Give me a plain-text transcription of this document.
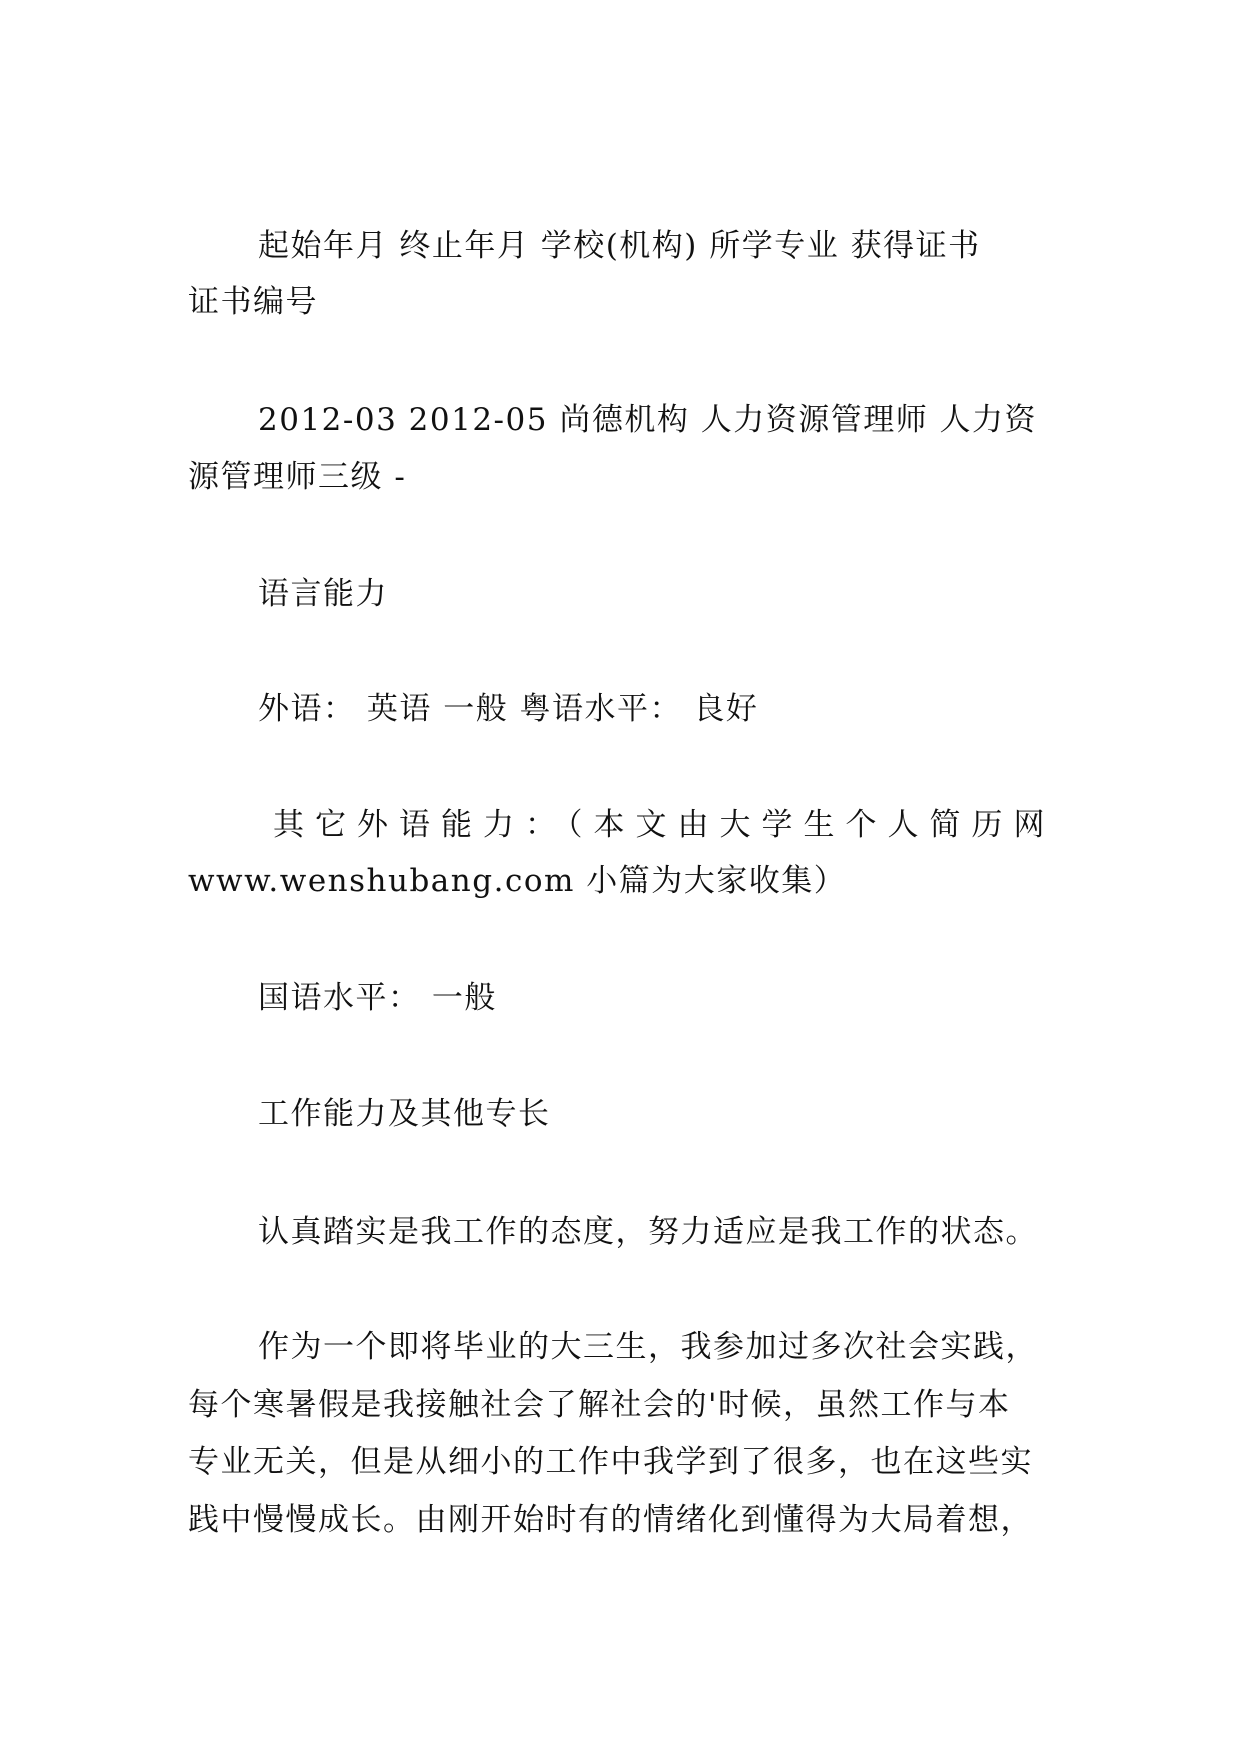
起始年月 终止年月 学校(机构) 所学专业 获得证书
证书编号
2012-03 2012-05 尚德机构 人力资源管理师 人力资
源管理师三级 -
语言能力
外语： 英语 一般 粤语水平： 良好
其它外语能力：（本文由大学生个人简历网
www.wenshubang.com 小篇为大家收集）
国语水平： 一般
工作能力及其他专长
认真踏实是我工作的态度，努力适应是我工作的状态。
作为一个即将毕业的大三生，我参加过多次社会实践，
每个寒暑假是我接触社会了解社会的'时候，虽然工作与本
专业无关，但是从细小的工作中我学到了很多，也在这些实
践中慢慢成长。由刚开始时有的情绪化到懂得为大局着想，
